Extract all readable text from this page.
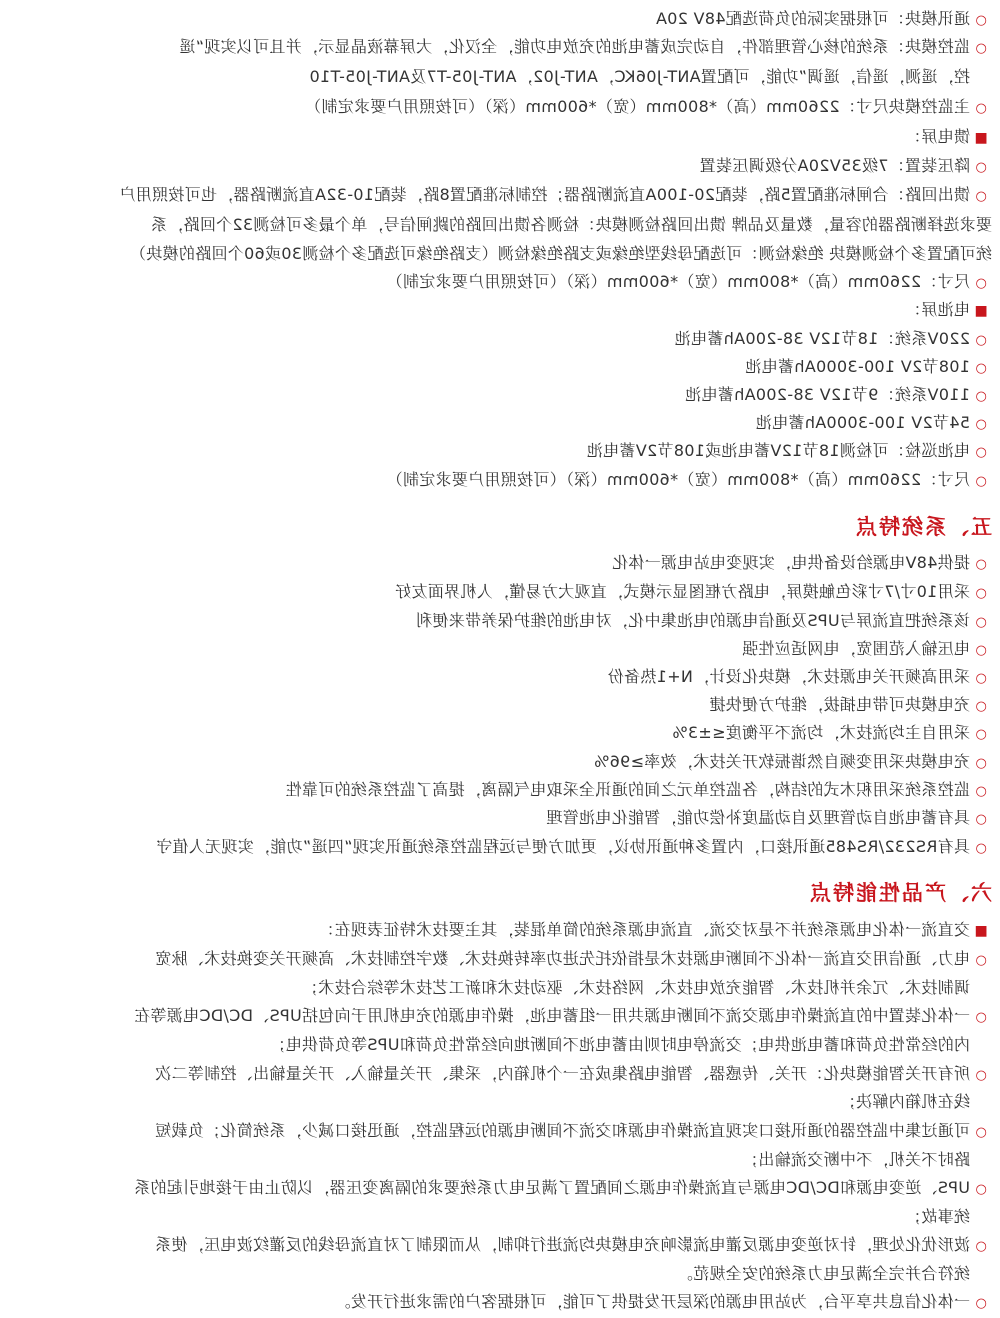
○通讯模块：可根据实际的负荷选配48V 20A
○监控模块：系统的核心管理部件，自动完成蓄电池的充放电功能，全汉化，大屏幕液晶显示，并且可以实现“遥
控，遥测，遥信，遥调”功能，可配置ANT-J06KC，ANT-J02，ANT-J05-T7及ANT-J05-T10
○主监控模块尺寸：2260mm（高）*800mm（宽）*600mm（深）（可按照用户要求定制）
■馈电屏：
○降压装置：7级35V20A分级调压装置
○馈出回路：合闸标准配置5路，装配20-100A直流断路器；控制标准配置8路，装配10-32A直流断路器，也可按照用户
要求选择断路器的容量，数量及品牌 馈出回路检测模块：检测各馈出回路的跳闸信号，单个最多可检测32个回路，系
统可配置多个检测模块 绝缘检测：可选配母线型绝缘或支路绝缘检测（支路绝缘可选配多个检测30或60个回路的模块）
○尺寸：2260mm（高）*800mm（宽）*600mm（深）（可按照用户要求定制）
■电池屏：
○220V系统：18节12V 38-200Ah蓄电池
○108节2V 100-3000Ah蓄电池
○110V系统：9节12V 38-200Ah蓄电池
○54节2V 100-3000Ah蓄电池
○电池巡检：可检测18节12V蓄电池或108节2V蓄电池
○尺寸：2260mm（高）*800mm（宽）*600mm（深）（可按照用户要求定制）
五、系统特点
○提供48V电源给设备供电，实现变电站电源一体化
○采用10寸/7寸彩色触摸屏，电路方框图显示模式，直观大方易懂，人机界面友好
○该系统把直流屏与UPS及通信电源的电池集中化，对电池的维护保养带来便利
○电压输入范围宽，电网适应性强
○采用高频开关电源技术，模块化设计，N+1热备份
○充电模块可带电插拔，维护方便快捷
○采用自主均流技术，均流不平衡度≤±3%
○充电模块采用变频自然谐振软开关技术，效率≥96%
○监控系统采用积木式的结构，各监控单元之间的通讯全采取电气隔离，提高了监控系统的可靠性
○具有蓄电池自动管理及自动温度补偿功能，智能化电池管理
○具有RS232/RS485通讯接口，内置多种通讯协议，更加方便与远程监控系统通讯实现“四遥”功能，实现无人值守
六、产品性能特点
■交直流一体化电源系统并不是对交流、直流电源系统的简单混装，其主要技术特征表现在：
○电力、通信用交直流一体化不间断电源技术是指依托先进功率转换技术、数字控制技术、高频开关变换技术、脉宽
调制技术、冗余并机技术、智能充放电技术、网络技术、驱动技术和新工艺技术等综合技术；
○一体化装置中的直流操作电源交流不间断电源共用一组蓄电池，操作电源的充电机用于向包括UPS、DC/DC电源等在
内的经常性负荷和蓄电池供电；交流停电时则由蓄电池不间断地向经常性负荷和UPS等负荷供电；
○所有开关智能模块化：开关、传感器、智能电路集成在一个机箱内，采集、开关量输入、开关量输出、控制等二次
线在机箱内解决；
○可通过集中监控器的通讯接口实现直流操作电源和交流不间断电源的远程监控，通迅接口减少，系统简化；负载短
路时不关机，不中断交流输出；
○UPS、逆变电源和DC/DC电源与直流操作电源之间配置了满足电力系统要求的隔离变压器，以防止由于接地引起的系
统事故；
○波形优化处理，针对逆变电源反灌电流影响充电模块均流进行抑制，从而限制了对直流母线的反灌纹波电压，使系
统符合并完全满足电力系统的安全规范。
○一体化信息共享平台，为站用电源的深层开发提供了可能，可根据客户的需求进行开发。
